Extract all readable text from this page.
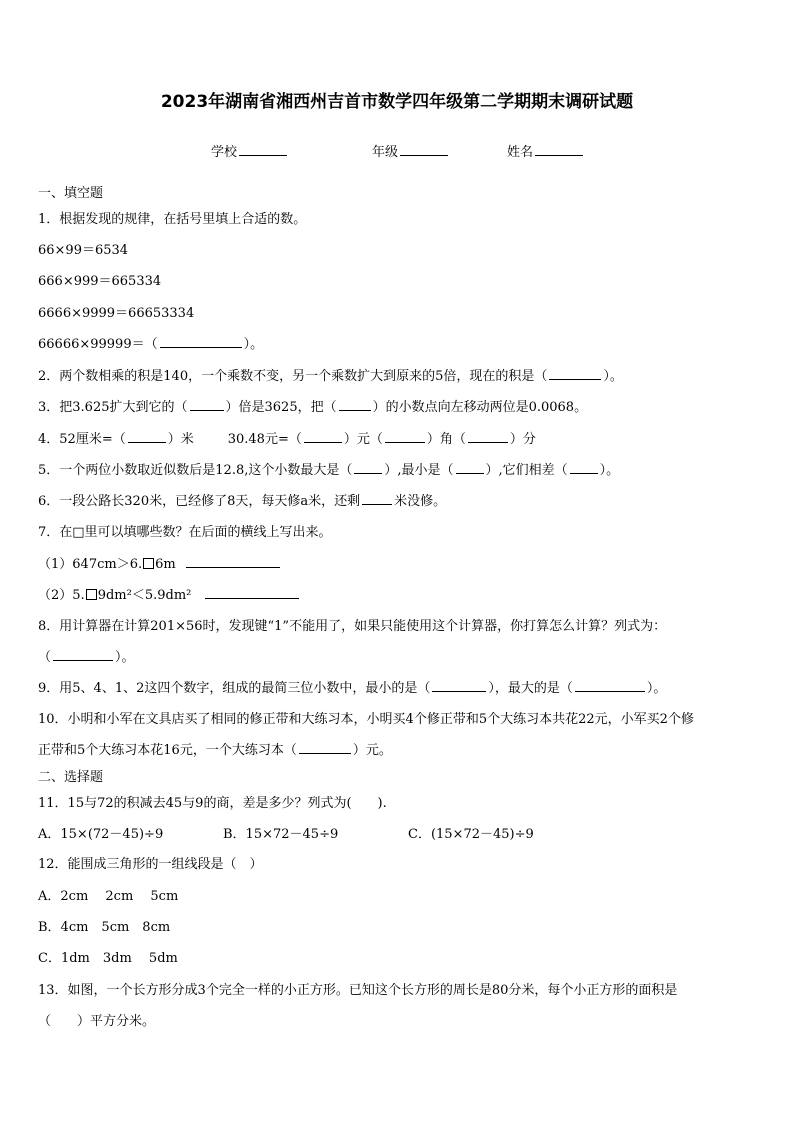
2023年湖南省湘西州吉首市数学四年级第二学期期末调研试题
学校	年级	姓名
一、填空题
1．根据发现的规律，在括号里填上合适的数。
66×99＝6534
666×999＝665334
6666×9999＝66653334
66666×99999＝（	）。
2．两个数相乘的积是140，一个乘数不变，另一个乘数扩大到原来的5倍，现在的积是（	）。
3．把3.625扩大到它的（	）倍是3625，把（	）的小数点向左移动两位是0.0068。
4．52厘米=（	）米	30.48元=（	）元（	）角（	）分
5．一个两位小数取近似数后是12.8,这个小数最大是（ ）,最小是（ ）,它们相差（ ）。
6．一段公路长320米，已经修了8天，每天修a米，还剩	米没修。
7．在□里可以填哪些数？在后面的横线上写出来。
（1）647cm＞6. 6m
（2）5. 9dm²＜5.9dm²
8．用计算器在计算201×56时，发现键“1”不能用了，如果只能使用这个计算器，你打算怎么计算？列式为：
（	）。
9．用5、4、1、2这四个数字，组成的最简三位小数中，最小的是（	），最大的是（	）。
10．小明和小军在文具店买了相同的修正带和大练习本，小明买4个修正带和5个大练习本共花22元，小军买2个修
正带和5个大练习本花16元，一个大练习本（	）元。
二、选择题
11．15与72的积减去45与9的商，差是多少？列式为(　　).
A．15×(72－45)÷9	B．15×72－45÷9	C．(15×72－45)÷9
12．能围成三角形的一组线段是（　）
A．2cm　 2cm　 5cm
B．4cm　5cm　8cm
C．1dm　3dm　 5dm
13．如图，一个长方形分成3个完全一样的小正方形。已知这个长方形的周长是80分米，每个小正方形的面积是
（　　）平方分米。
